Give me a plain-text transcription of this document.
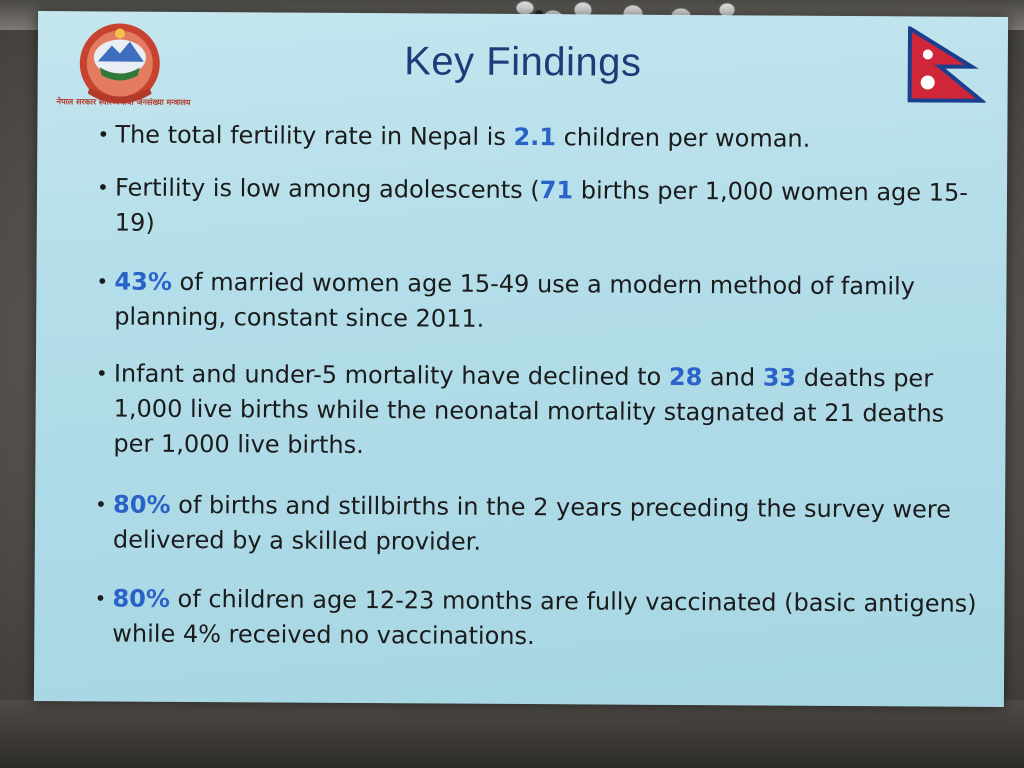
नेपाल सरकार स्वास्थ्य तथा जनसंख्या मन्त्रालय
Key Findings
• The total fertility rate in Nepal is 2.1 children per woman.
• Fertility is low among adolescents (71 births per 1,000 women age 15-19)
• 43% of married women age 15-49 use a modern method of family planning, constant since 2011.
• Infant and under-5 mortality have declined to 28 and 33 deaths per 1,000 live births while the neonatal mortality stagnated at 21 deaths per 1,000 live births.
• 80% of births and stillbirths in the 2 years preceding the survey were delivered by a skilled provider.
• 80% of children age 12-23 months are fully vaccinated (basic antigens) while 4% received no vaccinations.
